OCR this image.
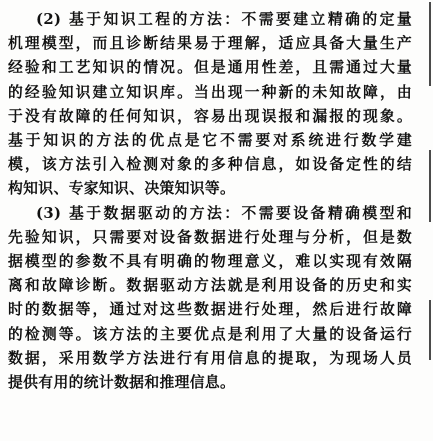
(2) 基于知识工程的方法：不需要建立精确的定量
机理模型，而且诊断结果易于理解，适应具备大量生产
经验和工艺知识的情况。但是通用性差，且需通过大量
的经验知识建立知识库。当出现一种新的未知故障，由
于没有故障的任何知识，容易出现误报和漏报的现象。
基于知识的方法的优点是它不需要对系统进行数学建
模，该方法引入检测对象的多种信息，如设备定性的结
构知识、专家知识、决策知识等。

(3) 基于数据驱动的方法：不需要设备精确模型和
先验知识，只需要对设备数据进行处理与分析，但是数
据模型的参数不具有明确的物理意义，难以实现有效隔
离和故障诊断。数据驱动方法就是利用设备的历史和实
时的数据等，通过对这些数据进行处理，然后进行故障
的检测等。该方法的主要优点是利用了大量的设备运行
数据，采用数学方法进行有用信息的提取，为现场人员
提供有用的统计数据和推理信息。
